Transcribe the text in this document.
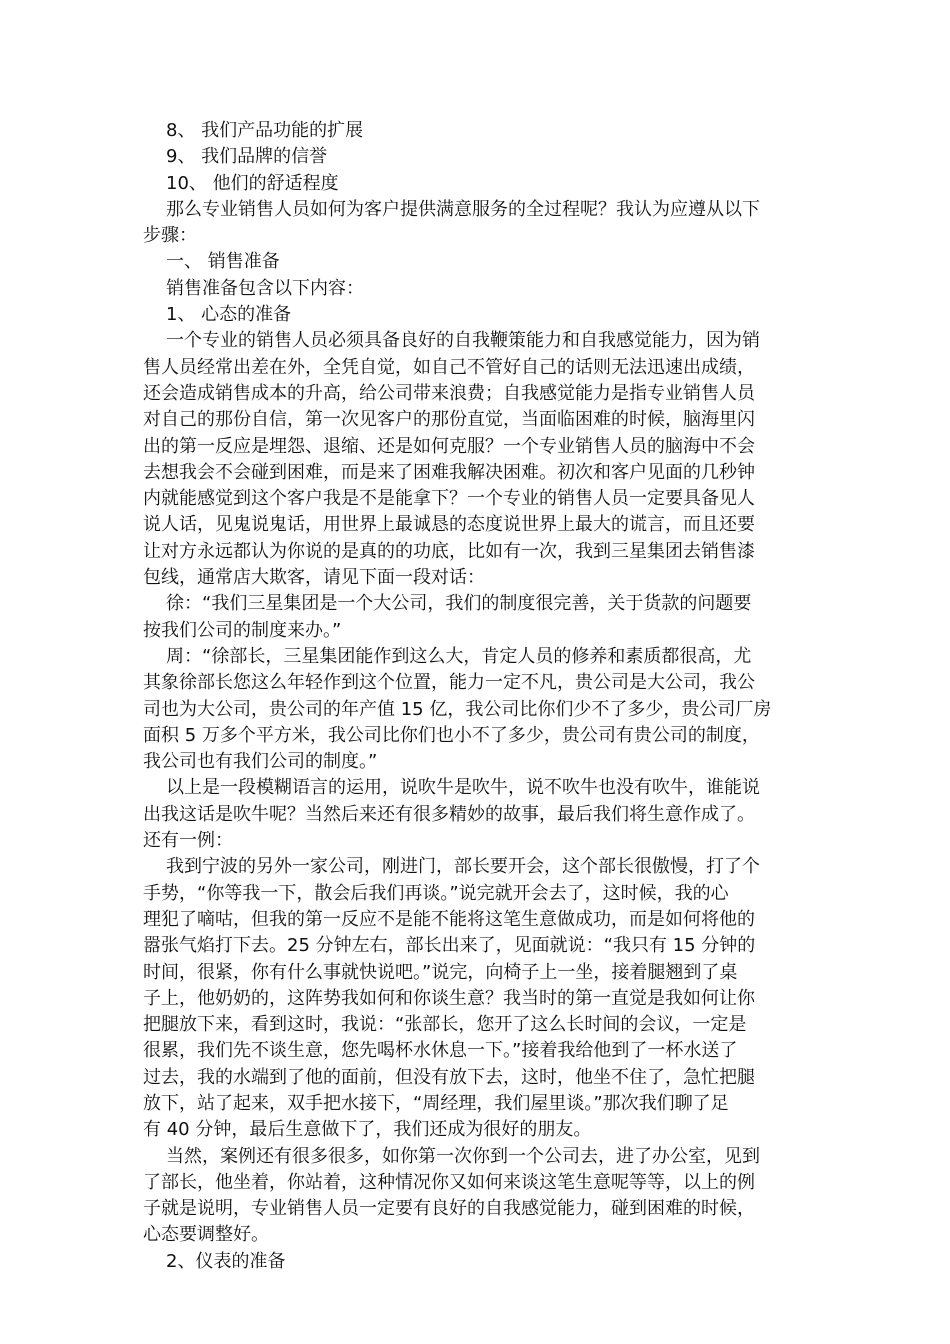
8、 我们产品功能的扩展

9、 我们品牌的信誉

10、 他们的舒适程度

那么专业销售人员如何为客户提供满意服务的全过程呢？我认为应遵从以下
步骤：

一、 销售准备

销售准备包含以下内容：

1、 心态的准备

一个专业的销售人员必须具备良好的自我鞭策能力和自我感觉能力，因为销
售人员经常出差在外，全凭自觉，如自己不管好自己的话则无法迅速出成绩，
还会造成销售成本的升高，给公司带来浪费；自我感觉能力是指专业销售人员
对自己的那份自信，第一次见客户的那份直觉，当面临困难的时候，脑海里闪
出的第一反应是埋怨、退缩、还是如何克服？一个专业销售人员的脑海中不会
去想我会不会碰到困难，而是来了困难我解决困难。初次和客户见面的几秒钟
内就能感觉到这个客户我是不是能拿下？一个专业的销售人员一定要具备见人
说人话，见鬼说鬼话，用世界上最诚恳的态度说世界上最大的谎言，而且还要
让对方永远都认为你说的是真的的功底，比如有一次，我到三星集团去销售漆
包线，通常店大欺客，请见下面一段对话：

徐：“我们三星集团是一个大公司，我们的制度很完善，关于货款的问题要
按我们公司的制度来办。”

周：“徐部长，三星集团能作到这么大，肯定人员的修养和素质都很高，尤
其象徐部长您这么年轻作到这个位置，能力一定不凡，贵公司是大公司，我公
司也为大公司，贵公司的年产值 15 亿，我公司比你们少不了多少，贵公司厂房
面积 5 万多个平方米，我公司比你们也小不了多少，贵公司有贵公司的制度，
我公司也有我们公司的制度。”

以上是一段模糊语言的运用，说吹牛是吹牛，说不吹牛也没有吹牛，谁能说
出我这话是吹牛呢？当然后来还有很多精妙的故事，最后我们将生意作成了。
还有一例：

我到宁波的另外一家公司，刚进门，部长要开会，这个部长很傲慢，打了个
手势，“你等我一下，散会后我们再谈。”说完就开会去了，这时候，我的心
理犯了嘀咕，但我的第一反应不是能不能将这笔生意做成功，而是如何将他的
嚣张气焰打下去。25 分钟左右，部长出来了，见面就说：“我只有 15 分钟的
时间，很紧，你有什么事就快说吧。”说完，向椅子上一坐，接着腿翘到了桌
子上，他奶奶的，这阵势我如何和你谈生意？我当时的第一直觉是我如何让你
把腿放下来，看到这时，我说：“张部长，您开了这么长时间的会议，一定是
很累，我们先不谈生意，您先喝杯水休息一下。”接着我给他到了一杯水送了
过去，我的水端到了他的面前，但没有放下去，这时，他坐不住了，急忙把腿
放下，站了起来，双手把水接下，“周经理，我们屋里谈。”那次我们聊了足
有 40 分钟，最后生意做下了，我们还成为很好的朋友。

当然，案例还有很多很多，如你第一次你到一个公司去，进了办公室，见到
了部长，他坐着，你站着，这种情况你又如何来谈这笔生意呢等等，以上的例
子就是说明，专业销售人员一定要有良好的自我感觉能力，碰到困难的时候，
心态要调整好。

2、仪表的准备
